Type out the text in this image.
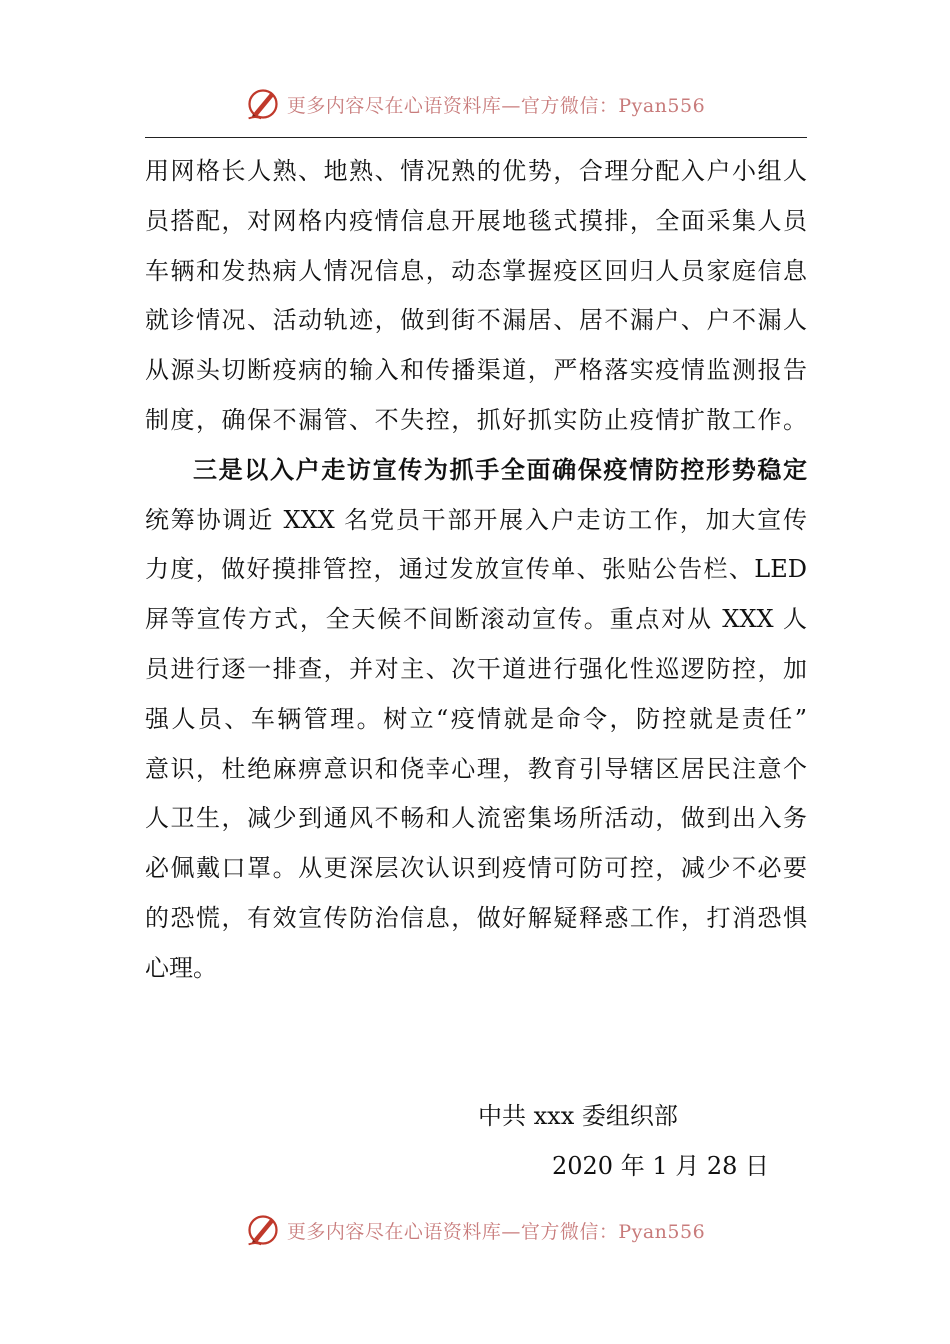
更多内容尽在心语资料库—官方微信：Pyan556
用网格长人熟、地熟、情况熟的优势，合理分配入户小组人
员搭配，对网格内疫情信息开展地毯式摸排，全面采集人员
车辆和发热病人情况信息，动态掌握疫区回归人员家庭信息
就诊情况、活动轨迹，做到街不漏居、居不漏户、户不漏人
从源头切断疫病的输入和传播渠道，严格落实疫情监测报告
制度，确保不漏管、不失控，抓好抓实防止疫情扩散工作。
三是以入户走访宣传为抓手全面确保疫情防控形势稳定
统筹协调近 XXX 名党员干部开展入户走访工作，加大宣传
力度，做好摸排管控，通过发放宣传单、张贴公告栏、LED
屏等宣传方式，全天候不间断滚动宣传。重点对从 XXX 人
员进行逐一排查，并对主、次干道进行强化性巡逻防控，加
强人员、车辆管理。树立“疫情就是命令，防控就是责任”
意识，杜绝麻痹意识和侥幸心理，教育引导辖区居民注意个
人卫生，减少到通风不畅和人流密集场所活动，做到出入务
必佩戴口罩。从更深层次认识到疫情可防可控，减少不必要
的恐慌，有效宣传防治信息，做好解疑释惑工作，打消恐惧
心理。
中共 xxx 委组织部
2020 年 1 月 28 日
更多内容尽在心语资料库—官方微信：Pyan556
